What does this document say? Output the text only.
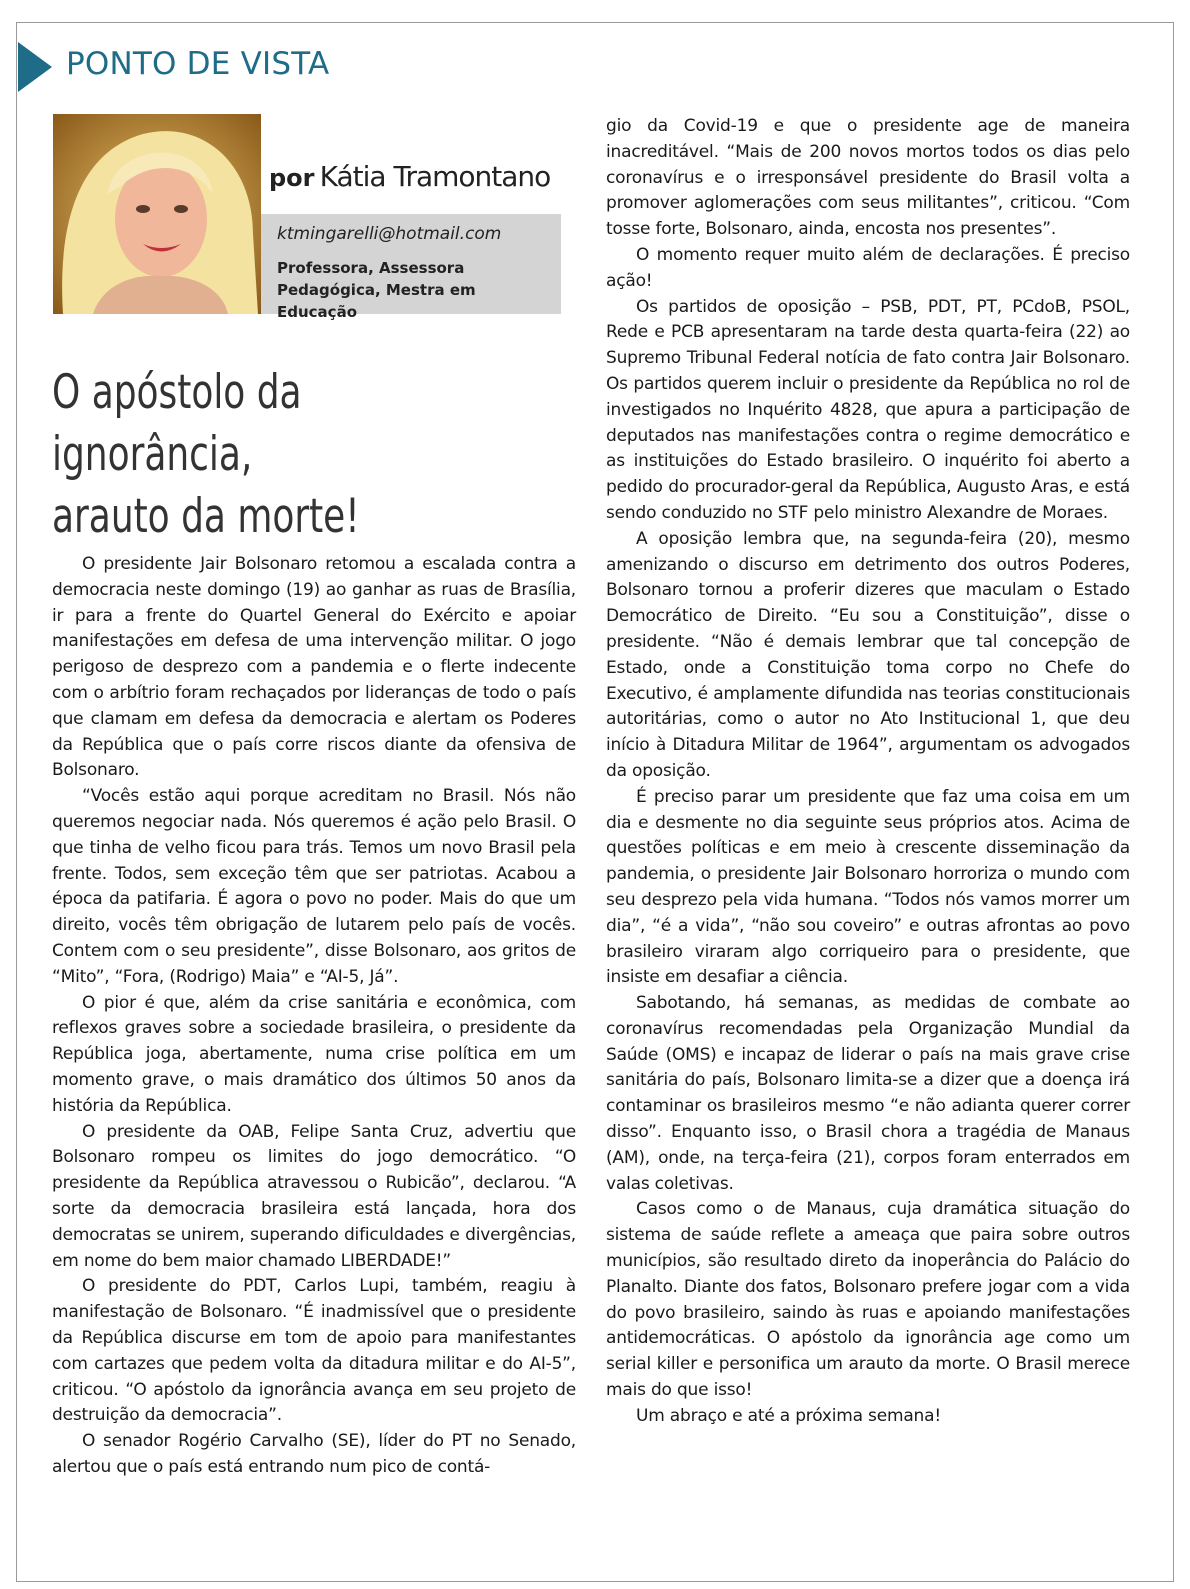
PONTO DE VISTA
por Kátia Tramontano
ktmingarelli@hotmail.com
Professora, Assessora
Pedagógica, Mestra em Educação
O apóstolo da ignorância,
arauto da morte!

O presidente Jair Bolsonaro retomou a escalada contra a democracia neste domingo (19) ao ganhar as ruas de Brasília, ir para a frente do Quartel General do Exército e apoiar manifestações em defesa de uma intervenção militar. O jogo perigoso de desprezo com a pandemia e o flerte indecente com o arbítrio foram rechaçados por lideranças de todo o país que clamam em defesa da democracia e alertam os Poderes da República que o país corre riscos diante da ofensiva de Bolsonaro.

“Vocês estão aqui porque acreditam no Brasil. Nós não queremos negociar nada. Nós queremos é ação pelo Brasil. O que tinha de velho ficou para trás. Temos um novo Brasil pela frente. Todos, sem exceção têm que ser patriotas. Acabou a época da patifaria. É agora o povo no poder. Mais do que um direito, vocês têm obrigação de lutarem pelo país de vocês. Contem com o seu presidente”, disse Bolsonaro, aos gritos de “Mito”, “Fora, (Rodrigo) Maia” e “AI-5, Já”.

O pior é que, além da crise sanitária e econômica, com reflexos graves sobre a sociedade brasileira, o presidente da República joga, abertamente, numa crise política em um momento grave, o mais dramático dos últimos 50 anos da história da República.

O presidente da OAB, Felipe Santa Cruz, advertiu que Bolsonaro rompeu os limites do jogo democrático. “O presidente da República atravessou o Rubicão”, declarou. “A sorte da democracia brasileira está lançada, hora dos democratas se unirem, superando dificuldades e divergências, em nome do bem maior chamado LIBERDADE!”

O presidente do PDT, Carlos Lupi, também, reagiu à manifestação de Bolsonaro. “É inadmissível que o presidente da República discurse em tom de apoio para manifestantes com cartazes que pedem volta da ditadura militar e do AI-5”, criticou. “O apóstolo da ignorância avança em seu projeto de destruição da democracia”.

O senador Rogério Carvalho (SE), líder do PT no Senado, alertou que o país está entrando num pico de contá-

gio da Covid-19 e que o presidente age de maneira inacreditável. “Mais de 200 novos mortos todos os dias pelo coronavírus e o irresponsável presidente do Brasil volta a promover aglomerações com seus militantes”, criticou. “Com tosse forte, Bolsonaro, ainda, encosta nos presentes”.

O momento requer muito além de declarações. É preciso ação!

Os partidos de oposição – PSB, PDT, PT, PCdoB, PSOL, Rede e PCB apresentaram na tarde desta quarta-feira (22) ao Supremo Tribunal Federal notícia de fato contra Jair Bolsonaro. Os partidos querem incluir o presidente da República no rol de investigados no Inquérito 4828, que apura a participação de deputados nas manifestações contra o regime democrático e as instituições do Estado brasileiro. O inquérito foi aberto a pedido do procurador-geral da República, Augusto Aras, e está sendo conduzido no STF pelo ministro Alexandre de Moraes.

A oposição lembra que, na segunda-feira (20), mesmo amenizando o discurso em detrimento dos outros Poderes, Bolsonaro tornou a proferir dizeres que maculam o Estado Democrático de Direito. “Eu sou a Constituição”, disse o presidente. “Não é demais lembrar que tal concepção de Estado, onde a Constituição toma corpo no Chefe do Executivo, é amplamente difundida nas teorias constitucionais autoritárias, como o autor no Ato Institucional 1, que deu início à Ditadura Militar de 1964”, argumentam os advogados da oposição.

É preciso parar um presidente que faz uma coisa em um dia e desmente no dia seguinte seus próprios atos. Acima de questões políticas e em meio à crescente disseminação da pandemia, o presidente Jair Bolsonaro horroriza o mundo com seu desprezo pela vida humana. “Todos nós vamos morrer um dia”, “é a vida”, “não sou coveiro” e outras afrontas ao povo brasileiro viraram algo corriqueiro para o presidente, que insiste em desafiar a ciência.

Sabotando, há semanas, as medidas de combate ao coronavírus recomendadas pela Organização Mundial da Saúde (OMS) e incapaz de liderar o país na mais grave crise sanitária do país, Bolsonaro limita-se a dizer que a doença irá contaminar os brasileiros mesmo “e não adianta querer correr disso”. Enquanto isso, o Brasil chora a tragédia de Manaus (AM), onde, na terça-feira (21), corpos foram enterrados em valas coletivas.

Casos como o de Manaus, cuja dramática situação do sistema de saúde reflete a ameaça que paira sobre outros municípios, são resultado direto da inoperância do Palácio do Planalto. Diante dos fatos, Bolsonaro prefere jogar com a vida do povo brasileiro, saindo às ruas e apoiando manifestações antidemocráticas. O apóstolo da ignorância age como um serial killer e personifica um arauto da morte. O Brasil merece mais do que isso!

Um abraço e até a próxima semana!
